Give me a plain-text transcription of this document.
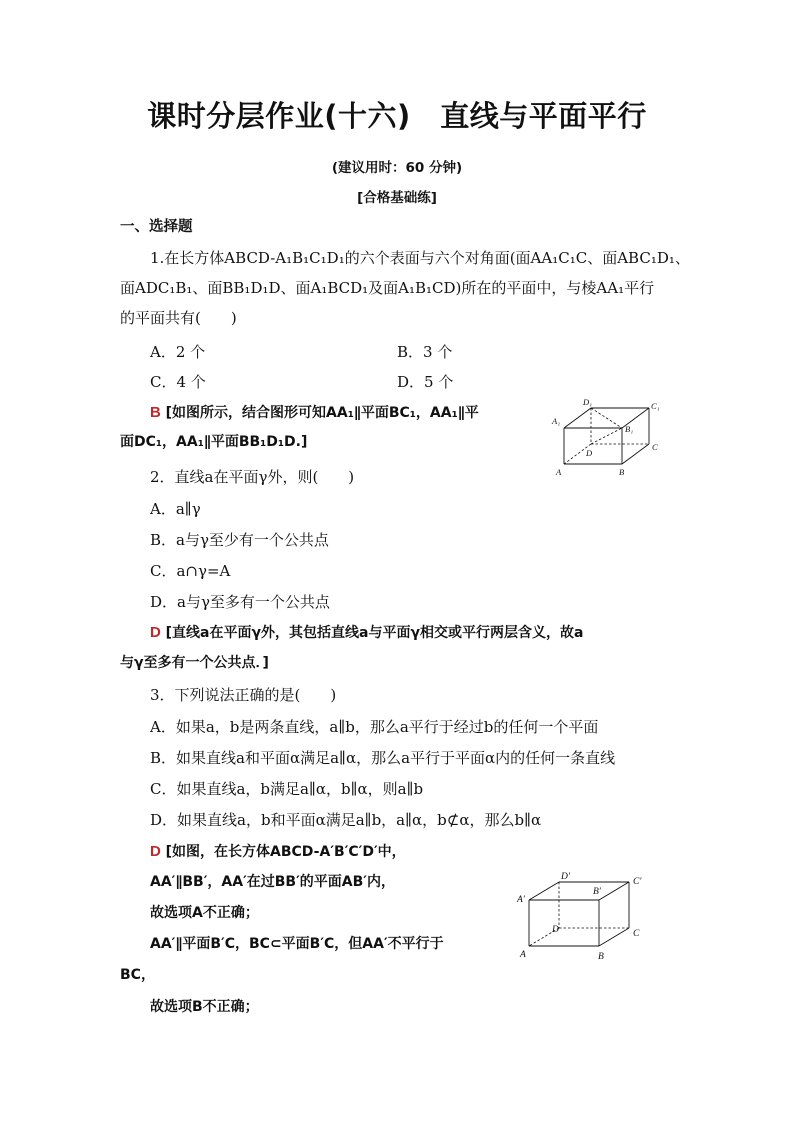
课时分层作业(十六)　直线与平面平行
(建议用时：60 分钟)
[合格基础练]
一、选择题
1.在长方体ABCD-A₁B₁C₁D₁的六个表面与六个对角面(面AA₁C₁C、面ABC₁D₁、
面ADC₁B₁、面BB₁D₁D、面A₁BCD₁及面A₁B₁CD)所在的平面中，与棱AA₁平行
的平面共有(　　)
A．2 个	B．3 个
C．4 个	D．5 个
B [如图所示，结合图形可知AA₁∥平面BC₁，AA₁∥平
面DC₁，AA₁∥平面BB₁D₁D.]
A	B
C
D
A₁
B₁
C₁
D₁
2．直线a在平面γ外，则(　　)
A．a∥γ
B．a与γ至少有一个公共点
C．a∩γ=A
D．a与γ至多有一个公共点
D [直线a在平面γ外，其包括直线a与平面γ相交或平行两层含义，故a
与γ至多有一个公共点．]
3．下列说法正确的是(　　)
A．如果a，b是两条直线，a∥b，那么a平行于经过b的任何一个平面
B．如果直线a和平面α满足a∥α，那么a平行于平面α内的任何一条直线
C．如果直线a，b满足a∥α，b∥α，则a∥b
D．如果直线a，b和平面α满足a∥b，a∥α，b⊄α，那么b∥α
D [如图，在长方体ABCD-A′B′C′D′中，
AA′∥BB′，AA′在过BB′的平面AB′内，
故选项A不正确；
AA′∥平面B′C，BC⊂平面B′C，但AA′不平行于
BC，
故选项B不正确；
A	B
C
D
A′
B′
C′
D′
